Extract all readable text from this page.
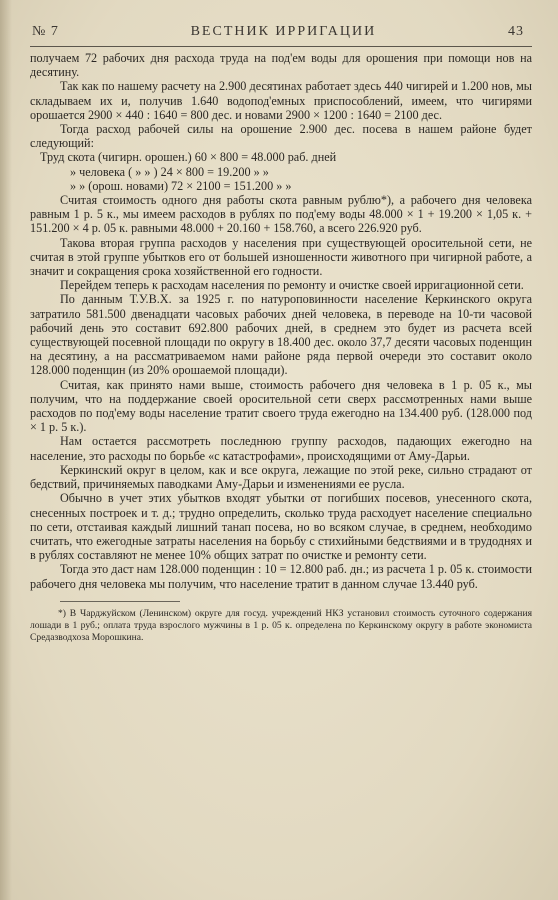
№ 7	ВЕСТНИК ИРРИГАЦИИ	43

получаем 72 рабочих дня расхода труда на под'ем воды для орошения при помощи нов на десятину.

Так как по нашему расчету на 2.900 десятинах работает здесь 440 чигирей и 1.200 нов, мы складываем их и, получив 1.640 водопод'емных приспособлений, имеем, что чигирями орошается 2900 × 440 : 1640 = 800 дес. и новами 2900 × 1200 : 1640 = 2100 дес.

Тогда расход рабочей силы на орошение 2.900 дес. посева в нашем районе будет следующий:

Труд скота (чигирн. орошен.) 60 × 800 = 48.000 раб. дней

» человека ( » » ) 24 × 800 = 19.200 » »

» » (орош. новами) 72 × 2100 = 151.200 » »

Считая стоимость одного дня работы скота равным рублю*), а рабочего дня человека равным 1 р. 5 к., мы имеем расходов в рублях по под'ему воды 48.000 × 1 + 19.200 × 1,05 к. + 151.200 × 4 р. 05 к. равными 48.000 + 20.160 + 158.760, а всего 226.920 руб.

Такова вторая группа расходов у населения при существующей оросительной сети, не считая в этой группе убытков его от большей изношенности животного при чигирной работе, а значит и сокращения срока хозяйственной его годности.

Перейдем теперь к расходам населения по ремонту и очистке своей ирригационной сети.

По данным Т.У.В.Х. за 1925 г. по натуроповинности население Керкинского округа затратило 581.500 двенадцати часовых рабочих дней человека, в переводе на 10-ти часовой рабочий день это составит 692.800 рабочих дней, в среднем это будет из расчета всей существующей посевной площади по округу в 18.400 дес. около 37,7 десяти часовых поденщин на десятину, а на рассматриваемом нами районе ряда первой очереди это составит около 128.000 поденщин (из 20% орошаемой площади).

Считая, как принято нами выше, стоимость рабочего дня человека в 1 р. 05 к., мы получим, что на поддержание своей оросительной сети сверх рассмотренных нами выше расходов по под'ему воды население тратит своего труда ежегодно на 134.400 руб. (128.000 под × 1 р. 5 к.).

Нам остается рассмотреть последнюю группу расходов, падающих ежегодно на население, это расходы по борьбе «с катастрофами», происходящими от Аму-Дарьи.

Керкинский округ в целом, как и все округа, лежащие по этой реке, сильно страдают от бедствий, причиняемых паводками Аму-Дарьи и изменениями ее русла.

Обычно в учет этих убытков входят убытки от погибших посевов, унесенного скота, снесенных построек и т. д.; трудно определить, сколько труда расходует население специально по сети, отстаивая каждый лишний танап посева, но во всяком случае, в среднем, необходимо считать, что ежегодные затраты населения на борьбу с стихийными бедствиями и в трудоднях и в рублях составляют не менее 10% общих затрат по очистке и ремонту сети.

Тогда это даст нам 128.000 поденщин : 10 = 12.800 раб. дн.; из расчета 1 р. 05 к. стоимости рабочего дня человека мы получим, что население тратит в данном случае 13.440 руб.

*) В Чарджуйском (Ленинском) округе для госуд. учреждений НКЗ установил стоимость суточного содержания лошади в 1 руб.; оплата труда взрослого мужчины в 1 р. 05 к. определена по Керкинскому округу в работе экономиста Средазводхоза Морошкина.
